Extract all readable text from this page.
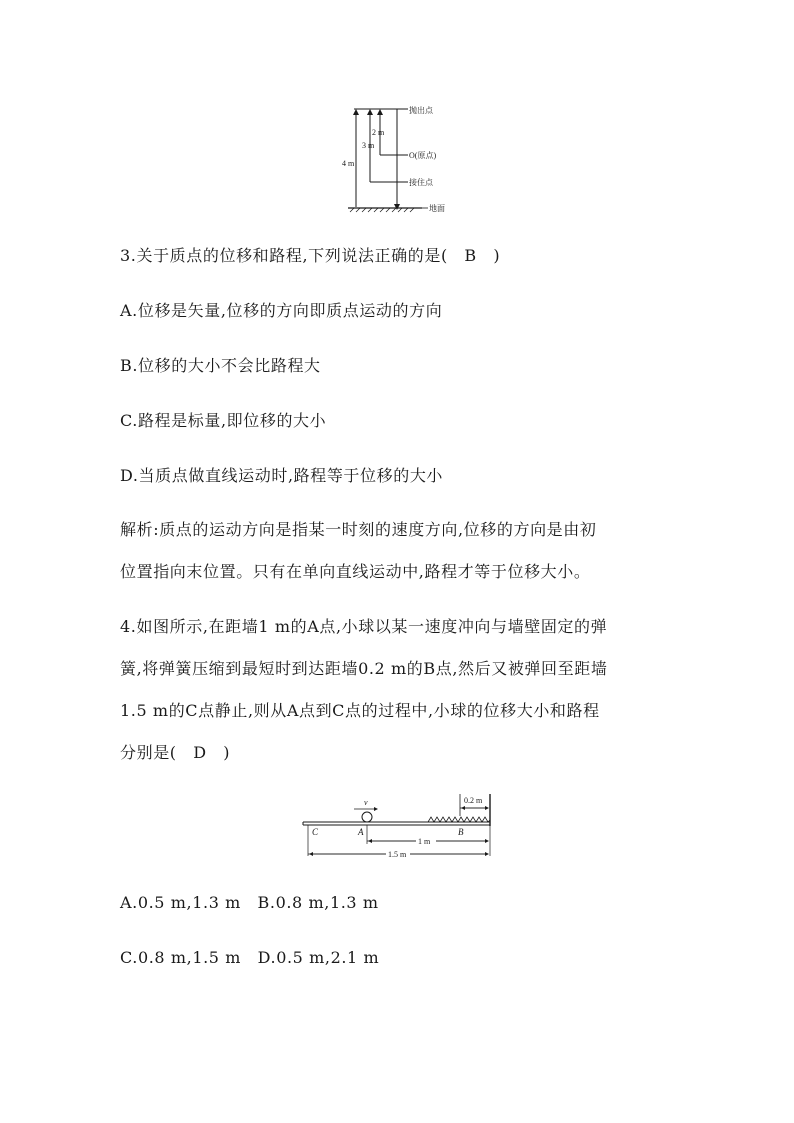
2 m
3 m
4 m
抛出点
O(原点)
接住点
地面
3.关于质点的位移和路程,下列说法正确的是(　B　)
A.位移是矢量,位移的方向即质点运动的方向
B.位移的大小不会比路程大
C.路程是标量,即位移的大小
D.当质点做直线运动时,路程等于位移的大小
解析:质点的运动方向是指某一时刻的速度方向,位移的方向是由初
位置指向末位置。只有在单向直线运动中,路程才等于位移大小。
4.如图所示,在距墙1 m的A点,小球以某一速度冲向与墙壁固定的弹
簧,将弹簧压缩到最短时到达距墙0.2 m的B点,然后又被弹回至距墙
1.5 m的C点静止,则从A点到C点的过程中,小球的位移大小和路程
分别是(　D　)
0.2 m
v
C	A	B
1 m
1.5 m
A.0.5 m,1.3 m　B.0.8 m,1.3 m
C.0.8 m,1.5 m　D.0.5 m,2.1 m
